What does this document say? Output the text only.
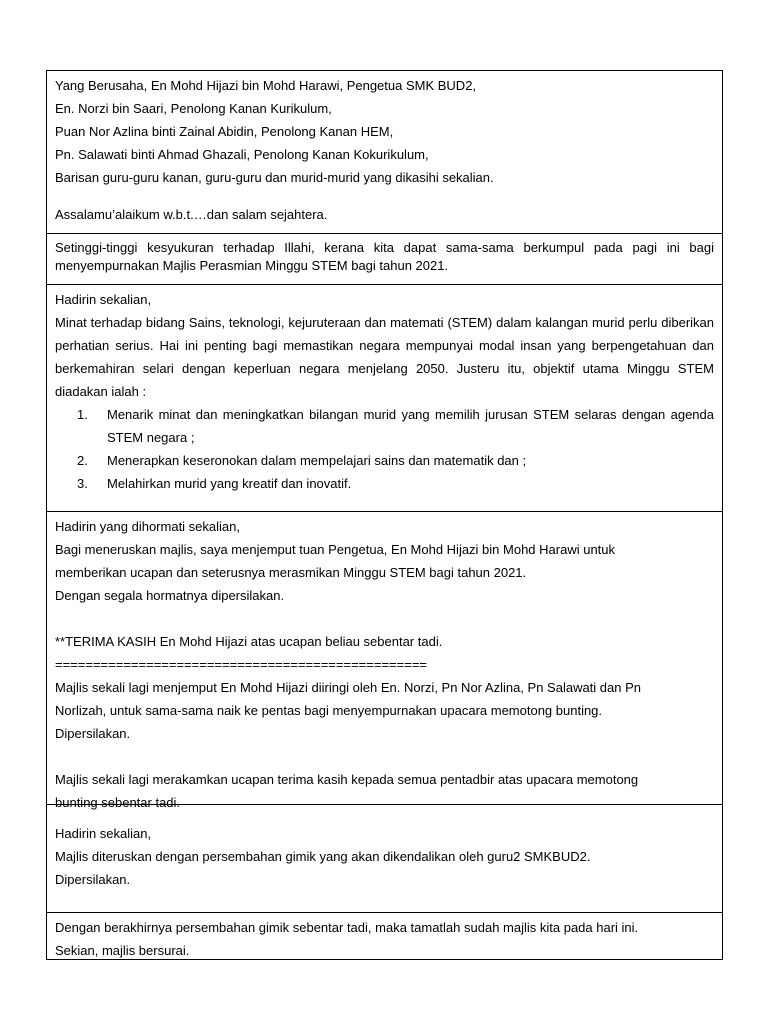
Yang Berusaha, En Mohd Hijazi bin Mohd Harawi, Pengetua SMK BUD2,
En. Norzi bin Saari, Penolong Kanan Kurikulum,
Puan Nor Azlina binti Zainal Abidin, Penolong Kanan HEM,
Pn. Salawati binti Ahmad Ghazali, Penolong Kanan Kokurikulum,
Barisan guru-guru kanan, guru-guru dan murid-murid yang dikasihi sekalian.
Assalamu’alaikum w.b.t.…dan salam sejahtera.
Setinggi-tinggi kesyukuran terhadap Illahi, kerana kita dapat sama-sama berkumpul pada pagi ini bagi menyempurnakan Majlis Perasmian Minggu STEM bagi tahun 2021.
Hadirin sekalian,
Minat terhadap bidang Sains, teknologi, kejuruteraan dan matemati (STEM) dalam kalangan murid perlu diberikan perhatian serius. Hai ini penting bagi memastikan negara mempunyai modal insan yang berpengetahuan dan berkemahiran selari dengan keperluan negara menjelang 2050. Justeru itu, objektif utama Minggu STEM diadakan ialah :
1.	Menarik minat dan meningkatkan bilangan murid yang memilih jurusan STEM selaras dengan agenda STEM negara ;
2.	Menerapkan keseronokan dalam mempelajari sains dan matematik dan ;
3.	Melahirkan murid yang kreatif dan inovatif.
Hadirin yang dihormati sekalian,
Bagi meneruskan majlis, saya menjemput tuan Pengetua, En Mohd Hijazi bin Mohd Harawi untuk
memberikan ucapan dan seterusnya merasmikan Minggu STEM bagi tahun 2021.
Dengan segala hormatnya dipersilakan.
**TERIMA KASIH En Mohd Hijazi atas ucapan beliau sebentar tadi.
=================================================
Majlis sekali lagi menjemput En Mohd Hijazi diiringi oleh En. Norzi, Pn Nor Azlina, Pn Salawati dan Pn
Norlizah, untuk sama-sama naik ke pentas bagi menyempurnakan upacara memotong bunting.
Dipersilakan.
Majlis sekali lagi merakamkan ucapan terima kasih kepada semua pentadbir atas upacara memotong
bunting sebentar tadi.
Hadirin sekalian,
Majlis diteruskan dengan persembahan gimik yang akan dikendalikan oleh guru2 SMKBUD2.
Dipersilakan.
Dengan berakhirnya persembahan gimik sebentar tadi, maka tamatlah sudah majlis kita pada hari ini.
Sekian, majlis bersurai.
